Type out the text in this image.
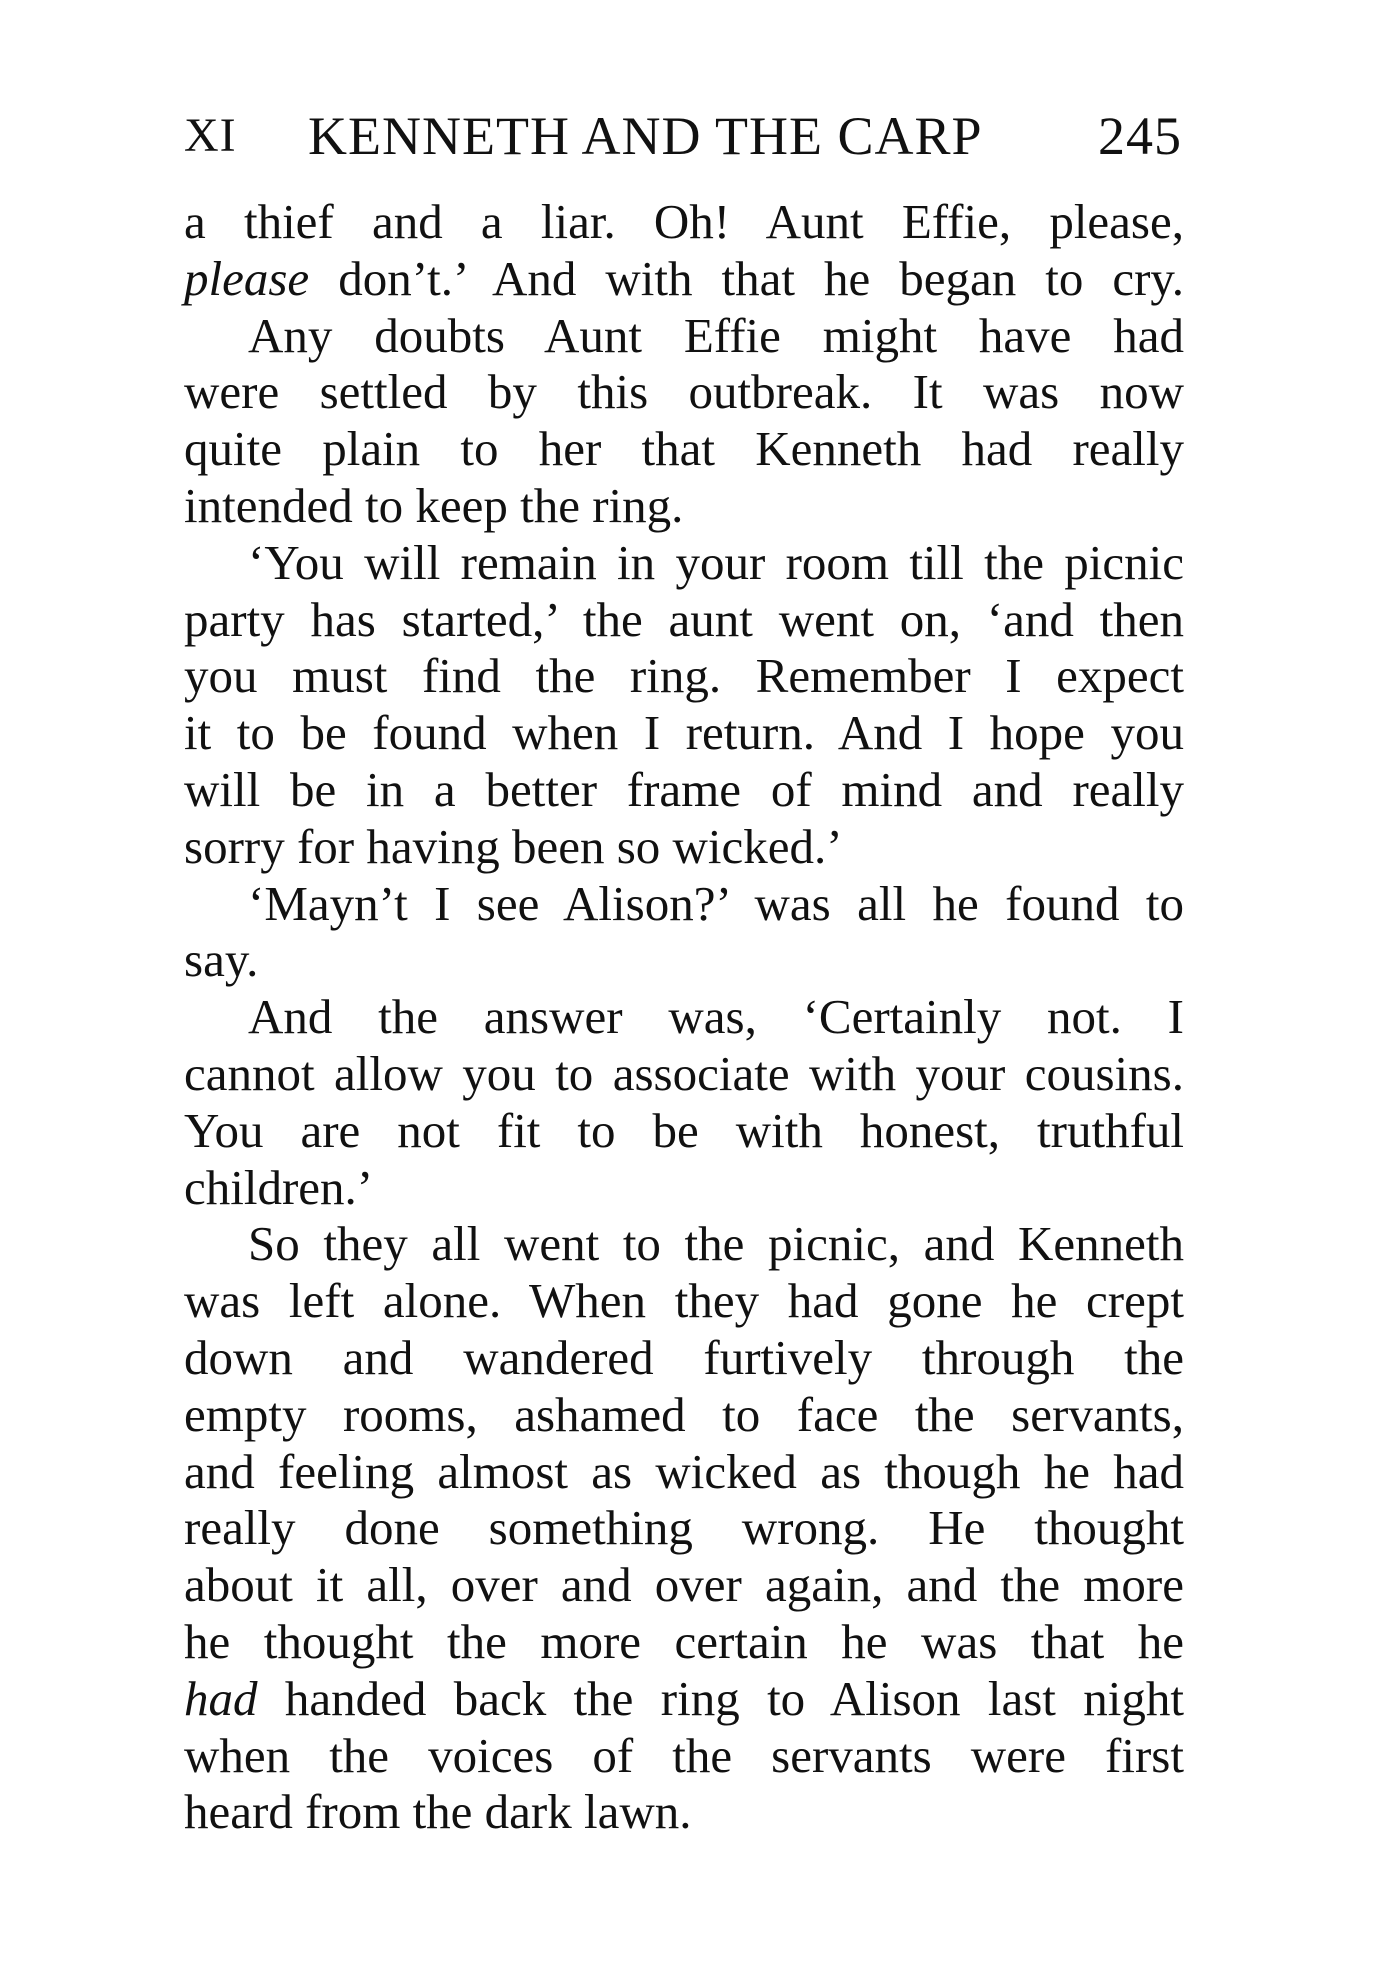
XI KENNETH AND THE CARP 245
a thief and a liar. Oh! Aunt Effie, please,
please don’t.’ And with that he began to cry.
Any doubts Aunt Effie might have had
were settled by this outbreak. It was now
quite plain to her that Kenneth had really
intended to keep the ring.
‘You will remain in your room till the picnic
party has started,’ the aunt went on, ‘and then
you must find the ring. Remember I expect
it to be found when I return. And I hope you
will be in a better frame of mind and really
sorry for having been so wicked.’
‘Mayn’t I see Alison?’ was all he found to
say.
And the answer was, ‘Certainly not. I
cannot allow you to associate with your cousins.
You are not fit to be with honest, truthful
children.’
So they all went to the picnic, and Kenneth
was left alone. When they had gone he crept
down and wandered furtively through the
empty rooms, ashamed to face the servants,
and feeling almost as wicked as though he had
really done something wrong. He thought
about it all, over and over again, and the more
he thought the more certain he was that he
had handed back the ring to Alison last night
when the voices of the servants were first
heard from the dark lawn.
